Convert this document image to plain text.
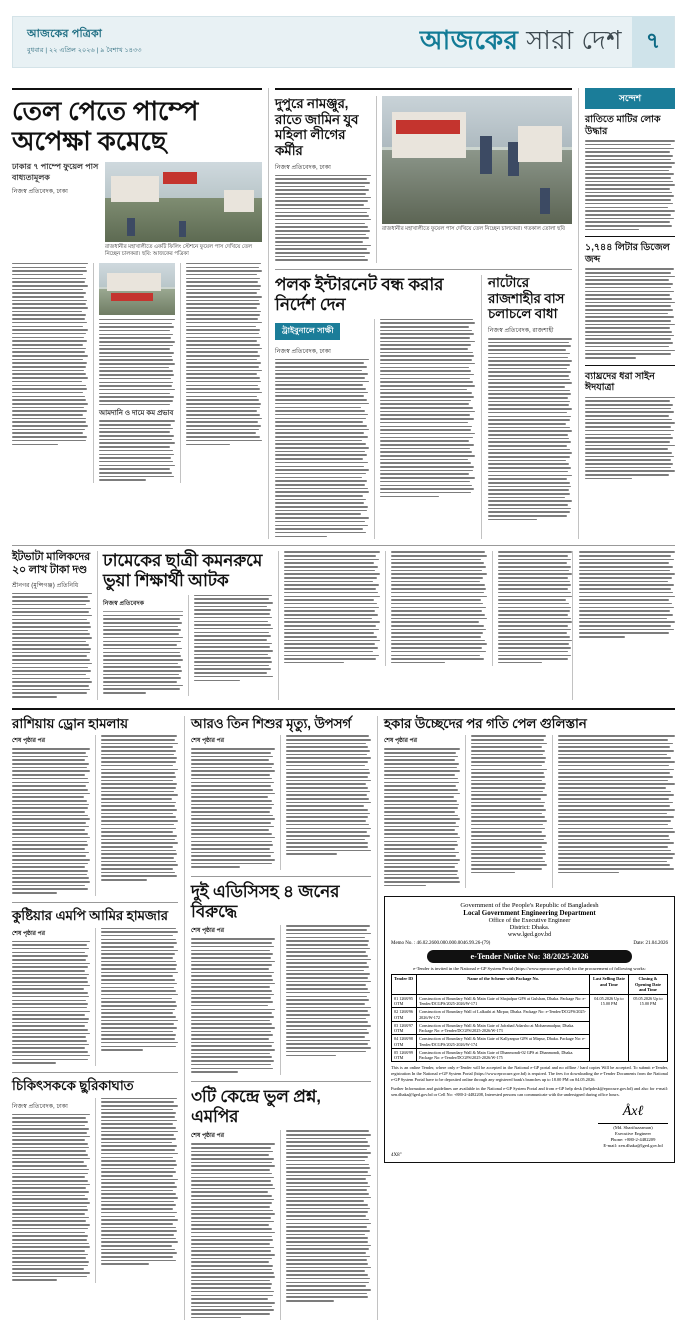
আজকের পত্রিকা
বুধবার | ২২ এপ্রিল ২০২৬ | ৯ বৈশাখ ১৪৩৩	আজকের সারা দেশ	৭
তেল পেতে পাম্পে অপেক্ষা কমেছে
ঢাকার ৭ পাম্পে ফুয়েল পাস বাধ্যতামূলক
নিজস্ব প্রতিবেদক, ঢাকা
রাজধানীর মহাখালীতে একটি ফিলিং স্টেশনে ফুয়েল পাস দেখিয়ে তেল নিচ্ছেন চালকরা। ছবি: আজকের পত্রিকা
আমদানি ও দামে কম প্রভাব
দুপুরে নামঞ্জুর, রাতে জামিন যুব মহিলা লীগের কর্মীর
নিজস্ব প্রতিবেদক, ঢাকা
রাজধানীর মহাখালীতে ফুয়েল পাস দেখিয়ে তেল নিচ্ছেন চালকেরা। গতকাল তোলা ছবি
পলক ইন্টারনেট বন্ধ করার নির্দেশ দেন
ট্রাইবুনালে সাক্ষী
নিজস্ব প্রতিবেদক, ঢাকা
নাটোরে রাজশাহীর বাস চলাচলে বাধা
নিজস্ব প্রতিবেদক, রাজশাহী
সন্দেশ
রাতিতে মাটির লোক উদ্ধার
১,৭৪৪ লিটার ডিজেল জব্দ
ব্যাঘ্রদের ধরা সাইন ঈদযাত্রা
ইটভাটা মালিকদের ২০ লাখ টাকা দণ্ড
শ্রীনগর (মুন্সিগঞ্জ) প্রতিনিধি
ঢামেকের ছাত্রী কমনরুমে ভুয়া শিক্ষার্থী আটক
নিজস্ব প্রতিবেদক
রাশিয়ায় ড্রোন হামলায়
শেষ পৃষ্ঠার পর
কুষ্টিয়ার এমপি আমির হামজার
শেষ পৃষ্ঠার পর
চিকিৎসককে ছুরিকাঘাত
নিজস্ব প্রতিবেদক, ঢাকা
আরও তিন শিশুর মৃত্যু, উপসর্গ
শেষ পৃষ্ঠার পর
দুই এডিসিসহ ৪ জনের বিরুদ্ধে
শেষ পৃষ্ঠার পর
৩টি কেন্দ্রে ভুল প্রশ্ন, এমপির
শেষ পৃষ্ঠার পর
হকার উচ্ছেদের পর গতি পেল গুলিস্তান
শেষ পৃষ্ঠার পর
Government of the People's Republic of Bangladesh
Local Government Engineering Department
Office of the Executive Engineer
District: Dhaka.
www.lged.gov.bd
Memo No. : 46.02.2600.000.000.0046.99.26-(79)	Date: 21.04.2026
e-Tender Notice No: 38/2025-2026
e-Tender is invited in the National e-GP System Portal (https://www.eprocure.gov.bd) for the procurement of following works:
Tender ID	Name of the Scheme with Package No.	Last Selling Date and Time	Closing & Opening Date and Time
01 1268/95 OTM	Construction of Boundary Wall & Main Gate of Shajadpur GPS at Gulshan, Dhaka. Package No: e-Tender/DCGPS/2025-2026/W-171	04.05.2026 Up to 15.00 PM	05.05.2026 Up to 15.00 PM
02 1268/96 OTM	Construction of Boundary Wall of Lalkuthi at Mirpur, Dhaka. Package No: e-Tender/DCGPS/2025-2026/W-172		
03 1268/97 OTM	Construction of Boundary Wall & Main Gate of Jafrabad Adarsho at Mohammadpur, Dhaka. Package No: e-Tender/DCGPS/2025-2026/W-173		
04 1268/98 OTM	Construction of Boundary Wall & Main Gate of Kallyanpur GPS at Mirpur, Dhaka. Package No: e-Tender/DCGPS/2025-2026/W-174		
05 1268/99 OTM	Construction of Boundary Wall & Main Gate of Dhanmondi-02 GPS at Dhanmondi, Dhaka. Package No: e-Tender/DCGPS/2025-2026/W-175		
This is an online Tender, where only e-Tender will be accepted in the National e-GP portal and no offline / hard copies Will be accepted. To submit e-Tender, registration In the National e-GP System Portal (https://www.eprocure.gov.bd) is required. The fees for downloading the e-Tender Documents from the National e-GP System Portal have to be deposited online through any registered bank's branches up to 18.00 PM on 04.05.2026.
Further Information and guidelines are available in the National e-GP System Portal and from e-GP help desk (helpdesk@eprocure.gov.bd) and also for e-mail: xen.dhaka@lged.gov.bd or Cell No: +880-2-4482208, Interested persons can communicate with the undersigned during office hours.
Åxℓ
(Md. Sharifuzzaman)
Executive Engineer
Phone: +880-2-4482209
E-mail: xen.dhaka@lged.gov.bd
4X8"
